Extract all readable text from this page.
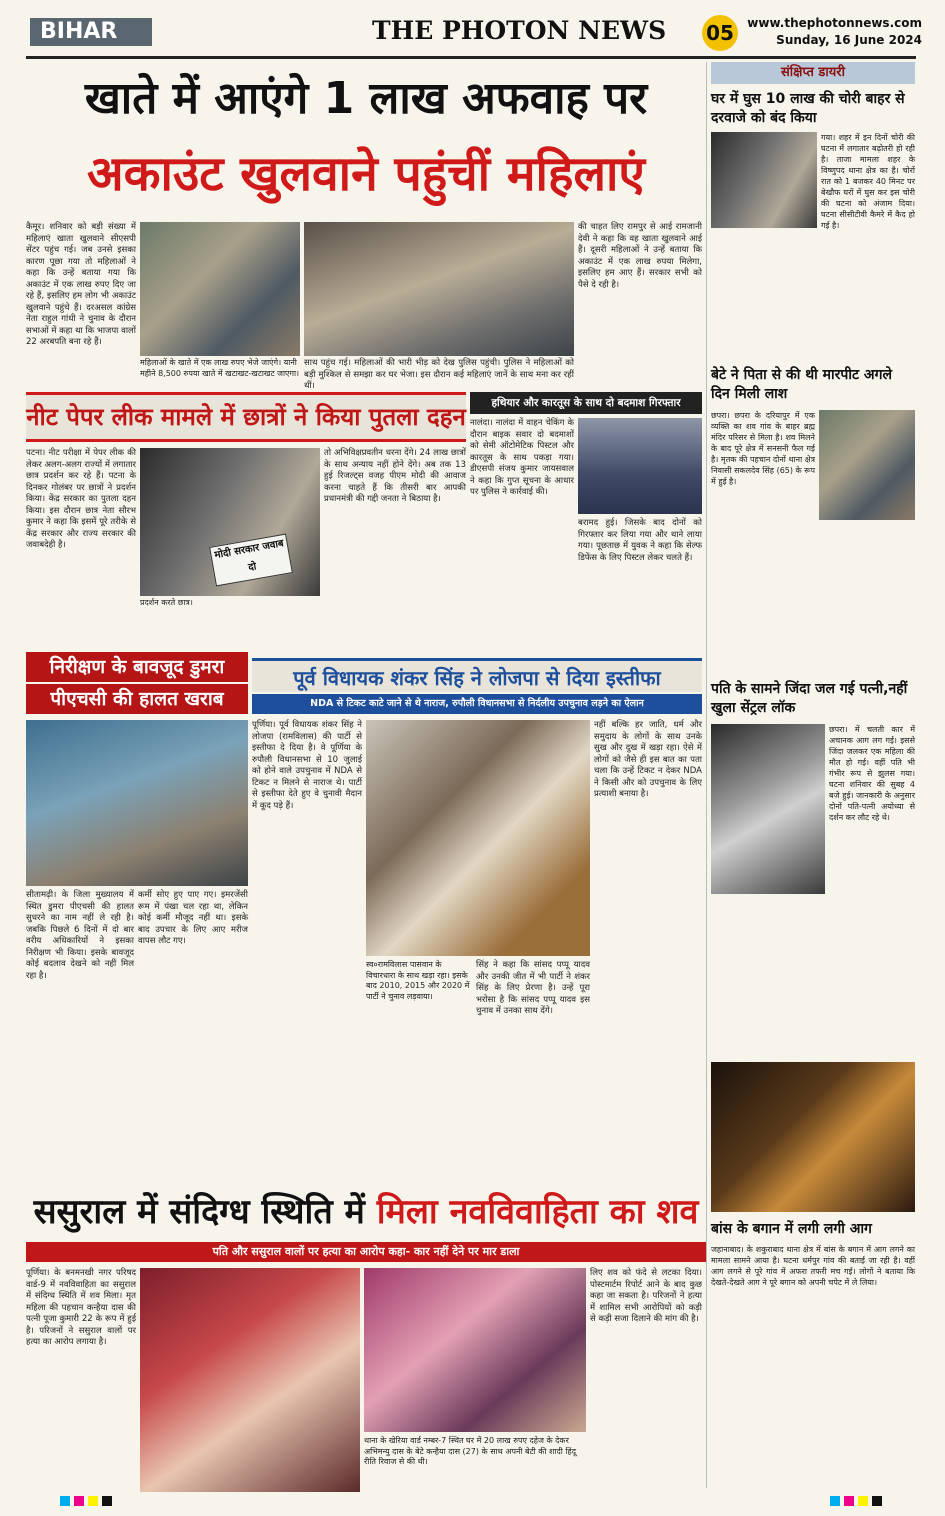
BIHAR	THE PHOTON NEWS 05	www.thephotonnews.com
Sunday, 16 June 2024
खाते में आएंगे 1 लाख अफवाह पर
अकाउंट खुलवाने पहुंचीं महिलाएं
कैमूर। शनिवार को बड़ी संख्या में महिलाएं खाता खुलवाने सीएसपी सेंटर पहुंच गई। जब उनसे इसका कारण पूछा गया तो महिलाओं ने कहा कि उन्हें बताया गया कि अकाउंट में एक लाख रुपए दिए जा रहे हैं, इसलिए हम लोग भी अकाउंट खुलवाने पहुंचे हैं। दरअसल कांग्रेस नेता राहुल गांधी ने चुनाव के दौरान सभाओं में कहा था कि भाजपा वालों 22 अरबपति बना रहे हैं।
महिलाओं के खाते में एक लाख रुपए भेजे जाएंगे। यानी महीने 8,500 रुपया खाते में खटाखट-खटाखट जाएगा।
साथ पहुंच गई। महिलाओं की भारी भीड़ को देख पुलिस पहुंची। पुलिस ने महिलाओं को बड़ी मुश्किल से समझा कर घर भेजा। इस दौरान कई महिलाएं जानें के साथ मना कर रहीं थीं।
की चाहत लिए रामपुर से आई रामजानी देवी ने कहा कि वह खाता खुलवाने आई हैं। दूसरी महिलाओं ने उन्हें बताया कि अकाउंट में एक लाख रुपया मिलेगा, इसलिए हम आए हैं। सरकार सभी को पैसे दे रही है।
नीट पेपर लीक मामले में छात्रों ने किया पुतला दहन
पटना। नीट परीक्षा में पेपर लीक की लेकर अलग-अलग राज्यों में लगातार छात्र प्रदर्शन कर रहे हैं। पटना के दिनकर गोलंबर पर छात्रों ने प्रदर्शन किया। केंद्र सरकार का पुतला दहन किया। इस दौरान छात्र नेता सौरभ कुमार ने कहा कि इसमें पूरे तरीके से केंद्र सरकार और राज्य सरकार की जवाबदेही है।	मोदी सरकार जवाब दो
प्रदर्शन करते छात्र।
तो अभिविक्षप्रवतीन धरना देंगे। 24 लाख छात्रों के साथ अन्याय नहीं होने देंगे। अब तक 13 हुई रिजल्ट्स वजह पीएम मोदी की आवाज करना चाहते हैं कि तीसरी बार आपकी प्रधानमंत्री की गद्दी जनता ने बिठाया है।
हथियार और कारतूस के साथ दो बदमाश गिरफ्तार
नालंदा। नालंदा में वाहन चेकिंग के दौरान बाइक सवार दो बदमाशों को सेमी ऑटोमेटिक पिस्टल और कारतूस के साथ पकड़ा गया। डीएसपी संजय कुमार जायसवाल ने कहा कि गुप्त सूचना के आधार पर पुलिस ने कार्रवाई की।
बरामद हुई। जिसके बाद दोनों को गिरफ्तार कर लिया गया और थाने लाया गया। पूछताछ में युवक ने कहा कि सेल्फ डिफेंस के लिए पिस्टल लेकर चलते हैं।
निरीक्षण के बावजूद डुमरा
पीएचसी की हालत खराब
सीतामढ़ी। के जिला मुख्यालय में स्थित डुमरा पीएचसी की हालत सुधरने का नाम नहीं ले रही है। जबकि पिछले 6 दिनों में दो बार वरीय अधिकारियों ने इसका निरीक्षण भी किया। इसके बावजूद कोई बदलाव देखने को नहीं मिल रहा है।
कर्मी सोए हुए पाए गए। इमरजेंसी रूम में पंखा चल रहा था, लेकिन कोई कर्मी मौजूद नहीं था। इसके बाद उपचार के लिए आए मरीज वापस लौट गए।
पूर्व विधायक शंकर सिंह ने लोजपा से दिया इस्तीफा
NDA से टिकट काटे जाने से थे नाराज, रुपौली विधानसभा से निर्दलीय उपचुनाव लड़ने का ऐलान
पूर्णिया। पूर्व विधायक शंकर सिंह ने लोजपा (रामविलास) की पार्टी से इस्तीफा दे दिया है। वे पूर्णिया के रुपौली विधानसभा से 10 जुलाई को होने वाले उपचुनाव में NDA से टिकट न मिलने से नाराज थे। पार्टी से इस्तीफा देते हुए वे चुनावी मैदान में कूद पड़े हैं।
स्व०रामविलास पासवान के विचारधारा के साथ खड़ा रहा। इसके बाद 2010, 2015 और 2020 में पार्टी ने चुनाव लड़वाया।
सिंह ने कहा कि सांसद पप्पू यादव और उनकी जीत में भी पार्टी ने शंकर सिंह के लिए प्रेरणा है। उन्हें पूरा भरोसा है कि सांसद पप्पू यादव इस चुनाव में उनका साथ देंगे।
नहीं बल्कि हर जाति, धर्म और समुदाय के लोगों के साथ उनके सुख और दुख में खड़ा रहा। ऐसे में लोगों को जैसे ही इस बात का पता चला कि उन्हें टिकट न देकर NDA ने किसी और को उपचुनाव के लिए प्रत्याशी बनाया है।
ससुराल में संदिग्ध स्थिति में मिला नवविवाहिता का शव
पति और ससुराल वालों पर हत्या का आरोप कहा- कार नहीं देने पर मार डाला
पूर्णिया। के बनमनखी नगर परिषद वार्ड-9 में नवविवाहिता का ससुराल में संदिग्ध स्थिति में शव मिला। मृत महिला की पहचान कन्हैया दास की पत्नी पूजा कुमारी 22 के रूप में हुई है। परिजनों ने ससुराल वालों पर हत्या का आरोप लगाया है।
थाना के खेरिया वार्ड नम्बर-7 स्थित घर में 20 लाख रुपए दहेज के देकर अभिमन्यु दास के बेटे कन्हैया दास (27) के साथ अपनी बेटी की शादी हिंदू रीति रिवाज से की थी।
लिए शव को फंदे से लटका दिया। पोस्टमार्टम रिपोर्ट आने के बाद कुछ कहा जा सकता है। परिजनों ने हत्या में शामिल सभी आरोपियों को कड़ी से कड़ी सजा दिलाने की मांग की है।
संक्षिप्त डायरी
घर में घुस 10 लाख की चोरी बाहर से दरवाजे को बंद किया
गया। शहर में इन दिनों चोरी की घटना में लगातार बढ़ोतरी हो रही है। ताजा मामला शहर के विष्णुपद थाना क्षेत्र का है। चोरों रात को 1 बजकर 40 मिनट पर बेखौफ घरों में घुस कर इस चोरी की घटना को अंजाम दिया। घटना सीसीटीवी कैमरे में कैद हो गई है।
बेटे ने पिता से की थी मारपीट अगले दिन मिली लाश
छपरा। छपरा के दरियापुर में एक व्यक्ति का शव गांव के बाहर ब्रह्म मंदिर परिसर से मिला है। शव मिलने के बाद पूरे क्षेत्र में सनसनी फैल गई है। मृतक की पहचान दोनों थाना क्षेत्र निवासी सकलदेव सिंह (65) के रूप में हुई है।
पति के सामने जिंदा जल गई पत्नी,नहीं खुला सेंट्रल लॉक
छपरा। में चलती कार में अचानक आग लग गई। इससे जिंदा जलकर एक महिला की मौत हो गई। वहीं पति भी गंभीर रूप से झुलस गया। घटना शनिवार की सुबह 4 बजे हुई। जानकारी के अनुसार दोनों पति-पत्नी अयोध्या से दर्शन कर लौट रहे थे।
बांस के बगान में लगी लगी आग
जहानाबाद। के शकुराबाद थाना क्षेत्र में बांस के बगान में आग लगने का मामला सामने आया है। घटना धर्मपुर गांव की बताई जा रही है। वहीं आग लगने से पूरे गांव में अफरा तफरी मच गई। लोगों ने बताया कि देखते-देखते आग ने पूरे बगान को अपनी चपेट में ले लिया।
